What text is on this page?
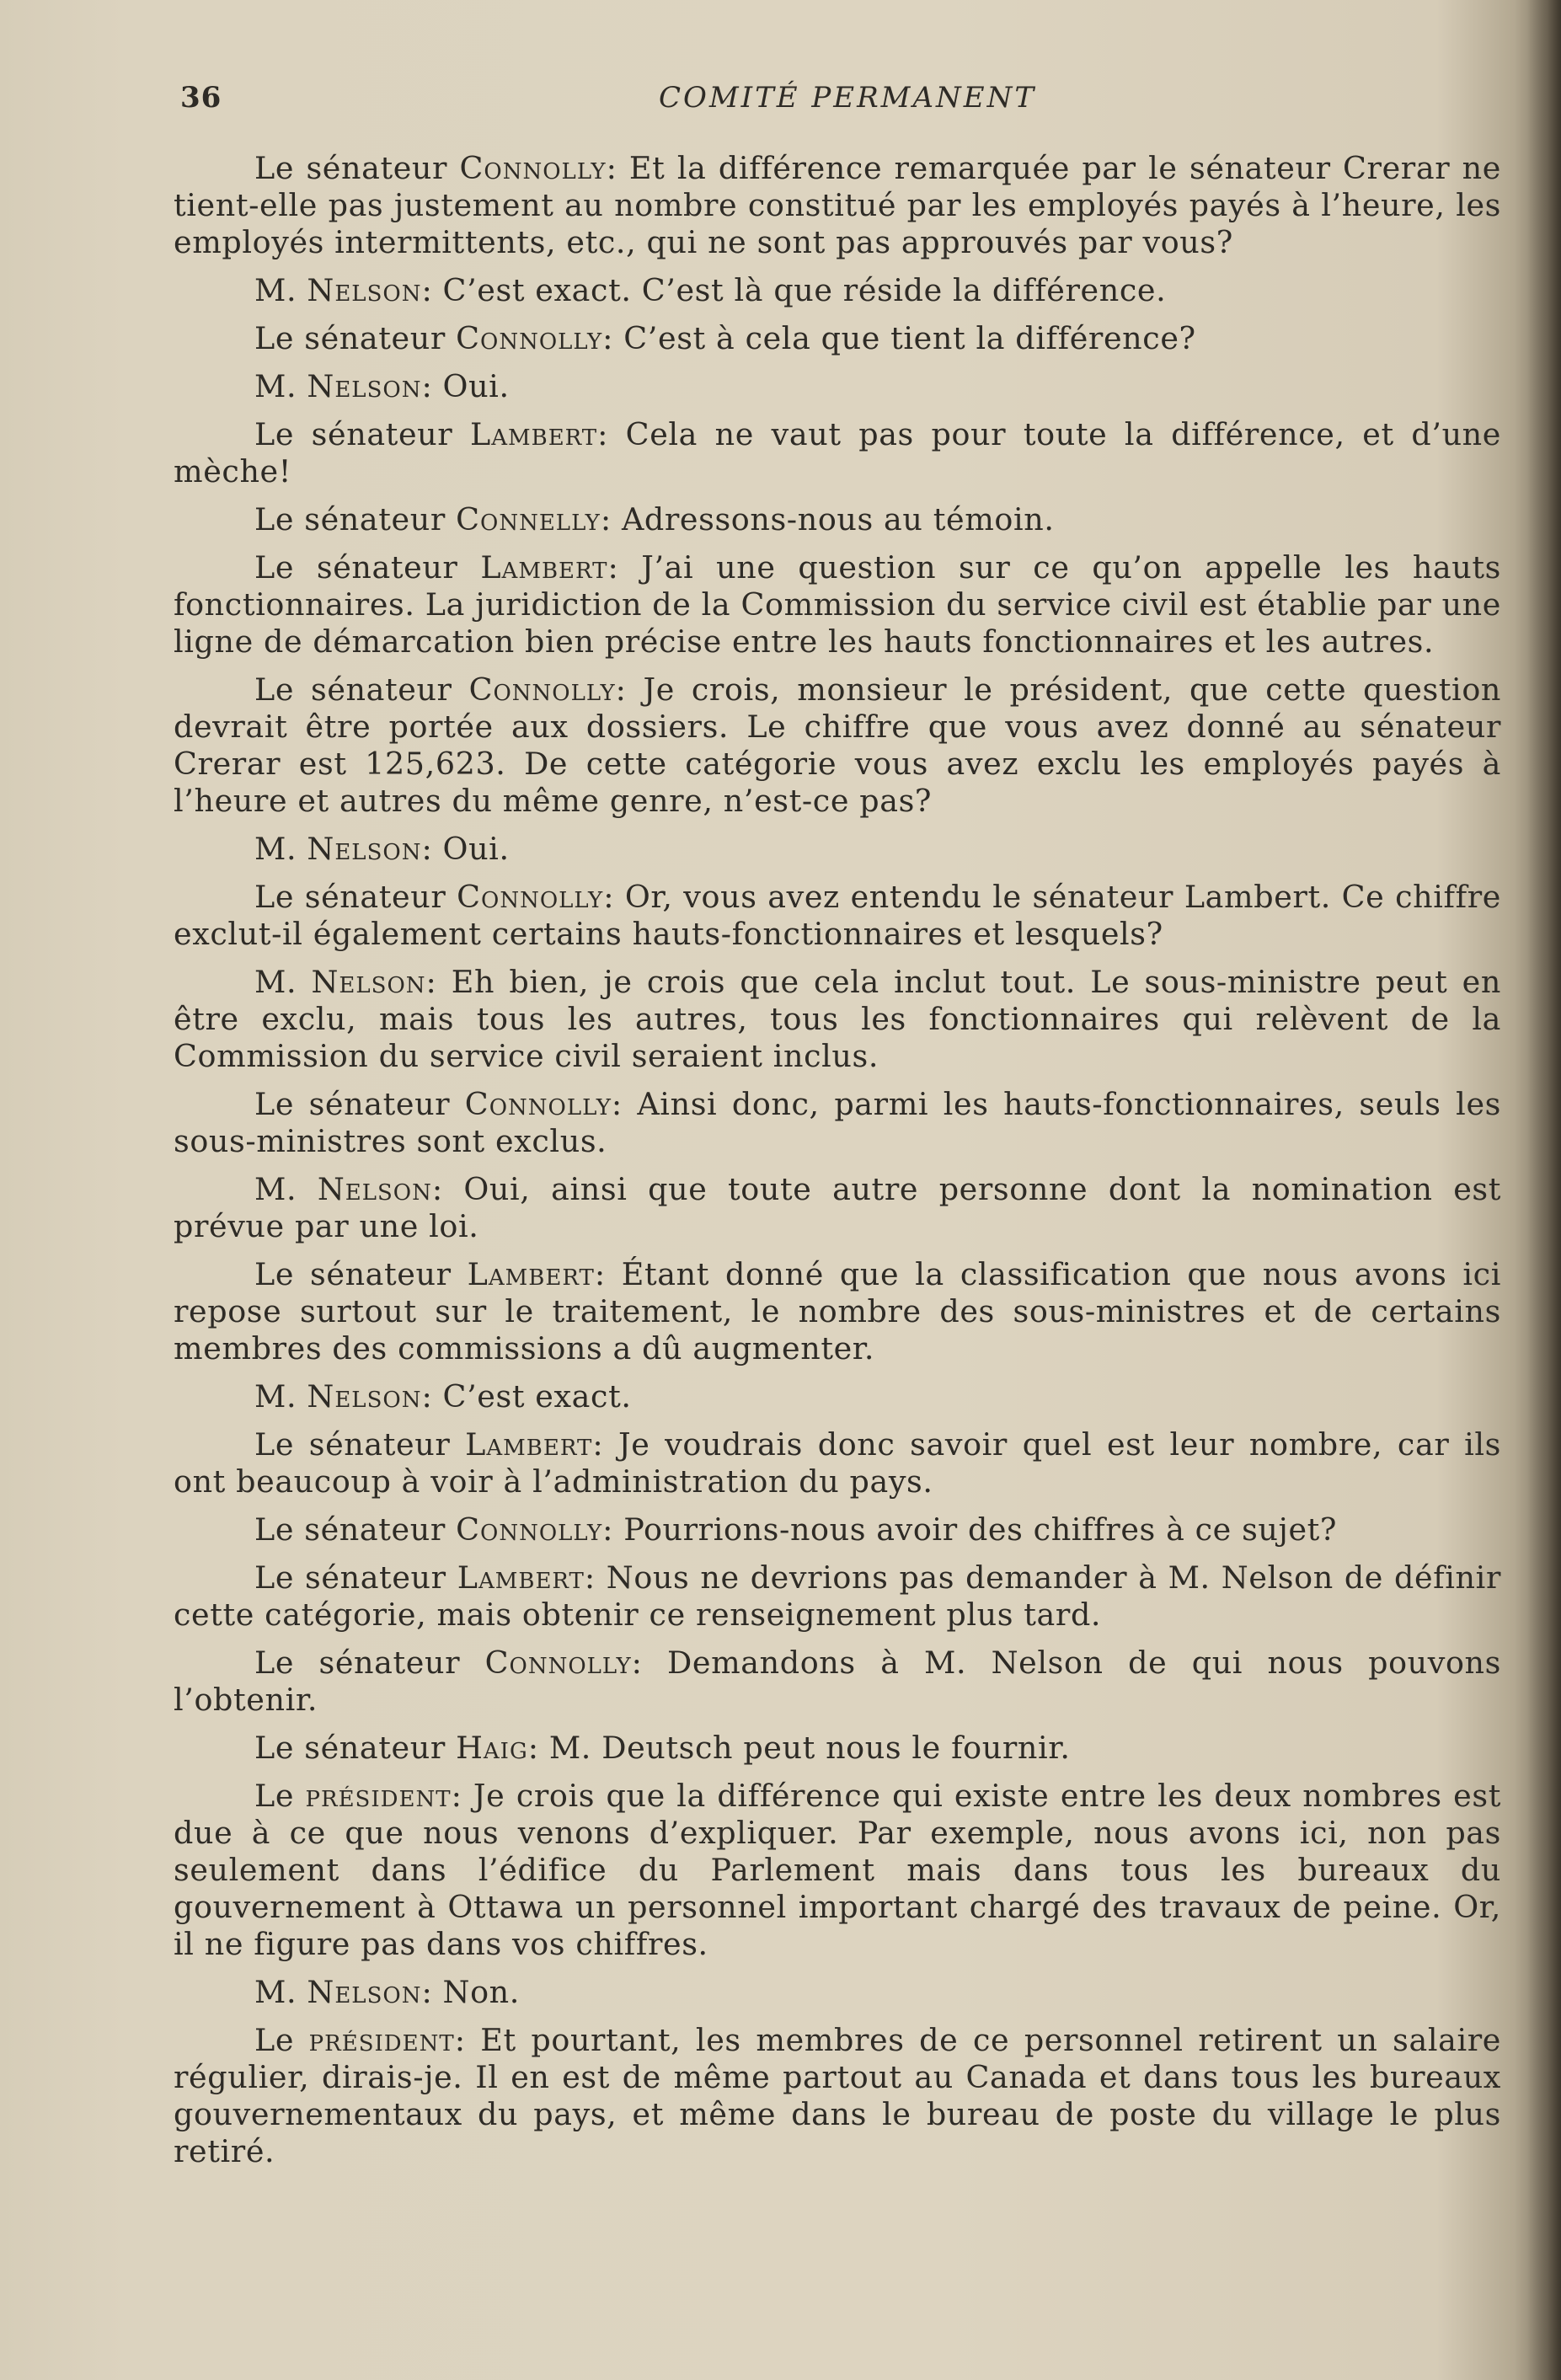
36	COMITÉ PERMANENT

Le sénateur Connolly: Et la différence remarquée par le sénateur Crerar ne tient-elle pas justement au nombre constitué par les employés payés à l’heure, les employés intermittents, etc., qui ne sont pas approuvés par vous?

M. Nelson: C’est exact. C’est là que réside la différence.

Le sénateur Connolly: C’est à cela que tient la différence?

M. Nelson: Oui.

Le sénateur Lambert: Cela ne vaut pas pour toute la différence, et d’une mèche!

Le sénateur Connelly: Adressons-nous au témoin.

Le sénateur Lambert: J’ai une question sur ce qu’on appelle les hauts fonctionnaires. La juridiction de la Commission du service civil est établie par une ligne de démarcation bien précise entre les hauts fonctionnaires et les autres.

Le sénateur Connolly: Je crois, monsieur le président, que cette question devrait être portée aux dossiers. Le chiffre que vous avez donné au sénateur Crerar est 125,623. De cette catégorie vous avez exclu les employés payés à l’heure et autres du même genre, n’est-ce pas?

M. Nelson: Oui.

Le sénateur Connolly: Or, vous avez entendu le sénateur Lambert. Ce chiffre exclut-il également certains hauts-fonctionnaires et lesquels?

M. Nelson: Eh bien, je crois que cela inclut tout. Le sous-ministre peut en être exclu, mais tous les autres, tous les fonctionnaires qui relèvent de la Commission du service civil seraient inclus.

Le sénateur Connolly: Ainsi donc, parmi les hauts-fonctionnaires, seuls les sous-ministres sont exclus.

M. Nelson: Oui, ainsi que toute autre personne dont la nomination est prévue par une loi.

Le sénateur Lambert: Étant donné que la classification que nous avons ici repose surtout sur le traitement, le nombre des sous-ministres et de certains membres des commissions a dû augmenter.

M. Nelson: C’est exact.

Le sénateur Lambert: Je voudrais donc savoir quel est leur nombre, car ils ont beaucoup à voir à l’administration du pays.

Le sénateur Connolly: Pourrions-nous avoir des chiffres à ce sujet?

Le sénateur Lambert: Nous ne devrions pas demander à M. Nelson de définir cette catégorie, mais obtenir ce renseignement plus tard.

Le sénateur Connolly: Demandons à M. Nelson de qui nous pouvons l’obtenir.

Le sénateur Haig: M. Deutsch peut nous le fournir.

Le président: Je crois que la différence qui existe entre les deux nombres est due à ce que nous venons d’expliquer. Par exemple, nous avons ici, non pas seulement dans l’édifice du Parlement mais dans tous les bureaux du gouvernement à Ottawa un personnel important chargé des travaux de peine. Or, il ne figure pas dans vos chiffres.

M. Nelson: Non.

Le président: Et pourtant, les membres de ce personnel retirent un salaire régulier, dirais-je. Il en est de même partout au Canada et dans tous les bureaux gouvernementaux du pays, et même dans le bureau de poste du village le plus retiré.
